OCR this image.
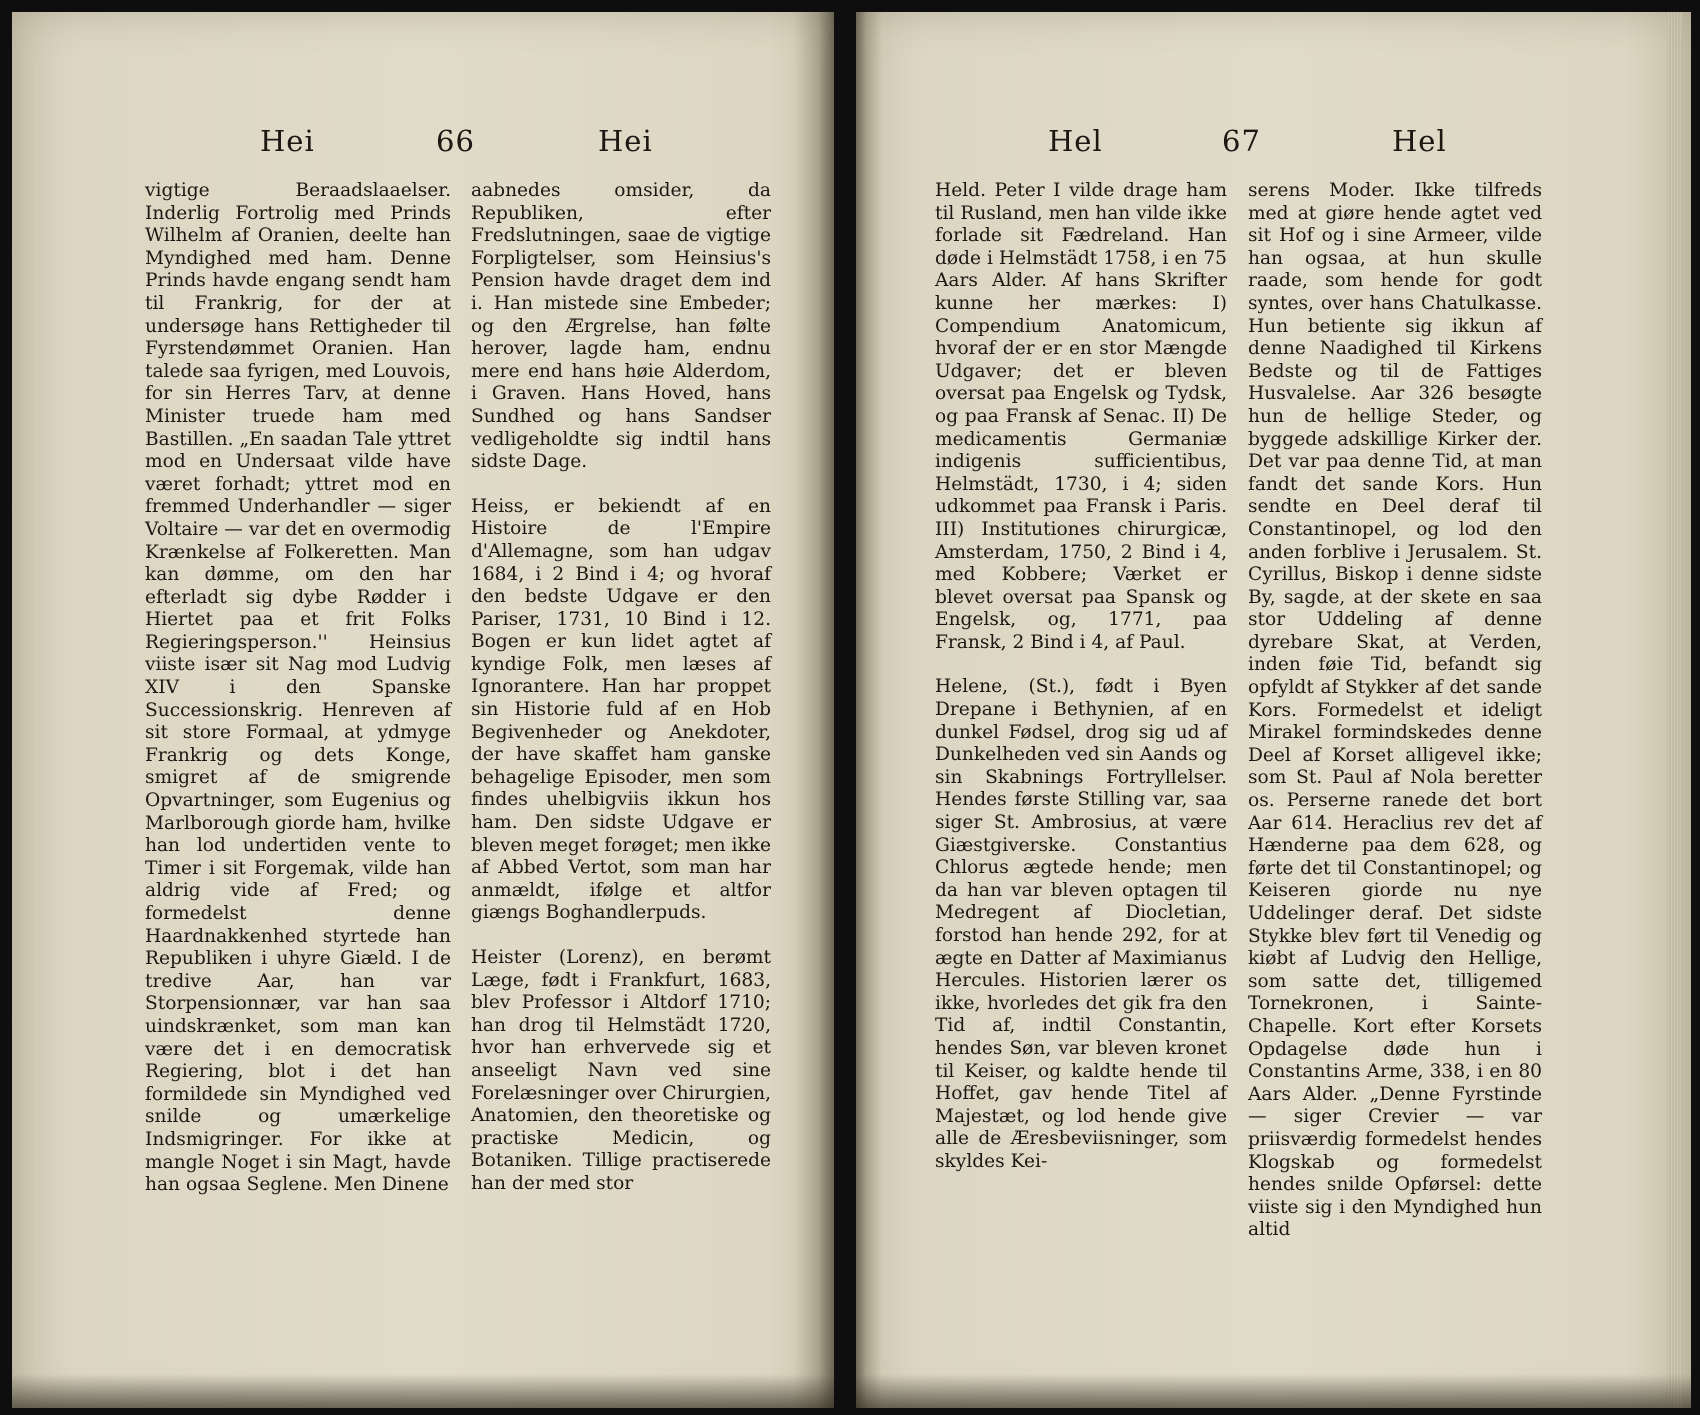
Hei	66	Hei

vigtige Beraadslaaelser. Inderlig Fortrolig med Prinds Wilhelm af Oranien, deelte han Myndighed med ham. Denne Prinds havde engang sendt ham til Frankrig, for der at undersøge hans Rettigheder til Fyrstendømmet Oranien. Han talede saa fyrigen, med Louvois, for sin Herres Tarv, at denne Minister truede ham med Bastillen. „En saadan Tale yttret mod en Undersaat vilde have været forhadt; yttret mod en fremmed Underhandler — siger Voltaire — var det en overmodig Krænkelse af Folkeretten. Man kan dømme, om den har efterladt sig dybe Rødder i Hiertet paa et frit Folks Regieringsperson.'' Heinsius viiste især sit Nag mod Ludvig XIV i den Spanske Successionskrig. Henreven af sit store Formaal, at ydmyge Frankrig og dets Konge, smigret af de smigrende Opvartninger, som Eugenius og Marlborough giorde ham, hvilke han lod undertiden vente to Timer i sit Forgemak, vilde han aldrig vide af Fred; og formedelst denne Haardnakkenhed styrtede han Republiken i uhyre Giæld. I de tredive Aar, han var Storpensionnær, var han saa uindskrænket, som man kan være det i en democratisk Regiering, blot i det han formildede sin Myndighed ved snilde og umærkelige Indsmigringer. For ikke at mangle Noget i sin Magt, havde han ogsaa Seglene. Men Dinene

aabnedes omsider, da Republiken, efter Fredslutningen, saae de vigtige Forpligtelser, som Heinsius's Pension havde draget dem ind i. Han mistede sine Embeder; og den Ærgrelse, han følte herover, lagde ham, endnu mere end hans høie Alderdom, i Graven. Hans Hoved, hans Sundhed og hans Sandser vedligeholdte sig indtil hans sidste Dage.

Heiss, er bekiendt af en Histoire de l'Empire d'Allemagne, som han udgav 1684, i 2 Bind i 4; og hvoraf den bedste Udgave er den Pariser, 1731, 10 Bind i 12. Bogen er kun lidet agtet af kyndige Folk, men læses af Ignorantere. Han har proppet sin Historie fuld af en Hob Begivenheder og Anekdoter, der have skaffet ham ganske behagelige Episoder, men som findes uhelbigviis ikkun hos ham. Den sidste Udgave er bleven meget forøget; men ikke af Abbed Vertot, som man har anmældt, ifølge et altfor giængs Boghandlerpuds.

Heister (Lorenz), en berømt Læge, født i Frankfurt, 1683, blev Professor i Altdorf 1710; han drog til Helmstädt 1720, hvor han erhvervede sig et anseeligt Navn ved sine Forelæsninger over Chirurgien, Anatomien, den theoretiske og practiske Medicin, og Botaniken. Tillige practiserede han der med stor

Hel	67	Hel

Held. Peter I vilde drage ham til Rusland, men han vilde ikke forlade sit Fædreland. Han døde i Helmstädt 1758, i en 75 Aars Alder. Af hans Skrifter kunne her mærkes: I) Compendium Anatomicum, hvoraf der er en stor Mængde Udgaver; det er bleven oversat paa Engelsk og Tydsk, og paa Fransk af Senac. II) De medicamentis Germaniæ indigenis sufficientibus, Helmstädt, 1730, i 4; siden udkommet paa Fransk i Paris. III) Institutiones chirurgicæ, Amsterdam, 1750, 2 Bind i 4, med Kobbere; Værket er blevet oversat paa Spansk og Engelsk, og, 1771, paa Fransk, 2 Bind i 4, af Paul.

Helene, (St.), født i Byen Drepane i Bethynien, af en dunkel Fødsel, drog sig ud af Dunkelheden ved sin Aands og sin Skabnings Fortryllelser. Hendes første Stilling var, saa siger St. Ambrosius, at være Giæstgiverske. Constantius Chlorus ægtede hende; men da han var bleven optagen til Medregent af Diocletian, forstod han hende 292, for at ægte en Datter af Maximianus Hercules. Historien lærer os ikke, hvorledes det gik fra den Tid af, indtil Constantin, hendes Søn, var bleven kronet til Keiser, og kaldte hende til Hoffet, gav hende Titel af Majestæt, og lod hende give alle de Æresbeviisninger, som skyldes Kei-

serens Moder. Ikke tilfreds med at giøre hende agtet ved sit Hof og i sine Armeer, vilde han ogsaa, at hun skulle raade, som hende for godt syntes, over hans Chatulkasse. Hun betiente sig ikkun af denne Naadighed til Kirkens Bedste og til de Fattiges Husvalelse. Aar 326 besøgte hun de hellige Steder, og byggede adskillige Kirker der. Det var paa denne Tid, at man fandt det sande Kors. Hun sendte en Deel deraf til Constantinopel, og lod den anden forblive i Jerusalem. St. Cyrillus, Biskop i denne sidste By, sagde, at der skete en saa stor Uddeling af denne dyrebare Skat, at Verden, inden føie Tid, befandt sig opfyldt af Stykker af det sande Kors. Formedelst et ideligt Mirakel formindskedes denne Deel af Korset alligevel ikke; som St. Paul af Nola beretter os. Perserne ranede det bort Aar 614. Heraclius rev det af Hænderne paa dem 628, og førte det til Constantinopel; og Keiseren giorde nu nye Uddelinger deraf. Det sidste Stykke blev ført til Venedig og kiøbt af Ludvig den Hellige, som satte det, tilligemed Tornekronen, i Sainte-Chapelle. Kort efter Korsets Opdagelse døde hun i Constantins Arme, 338, i en 80 Aars Alder. „Denne Fyrstinde — siger Crevier — var priisværdig formedelst hendes Klogskab og formedelst hendes snilde Opførsel: dette viiste sig i den Myndighed hun altid
